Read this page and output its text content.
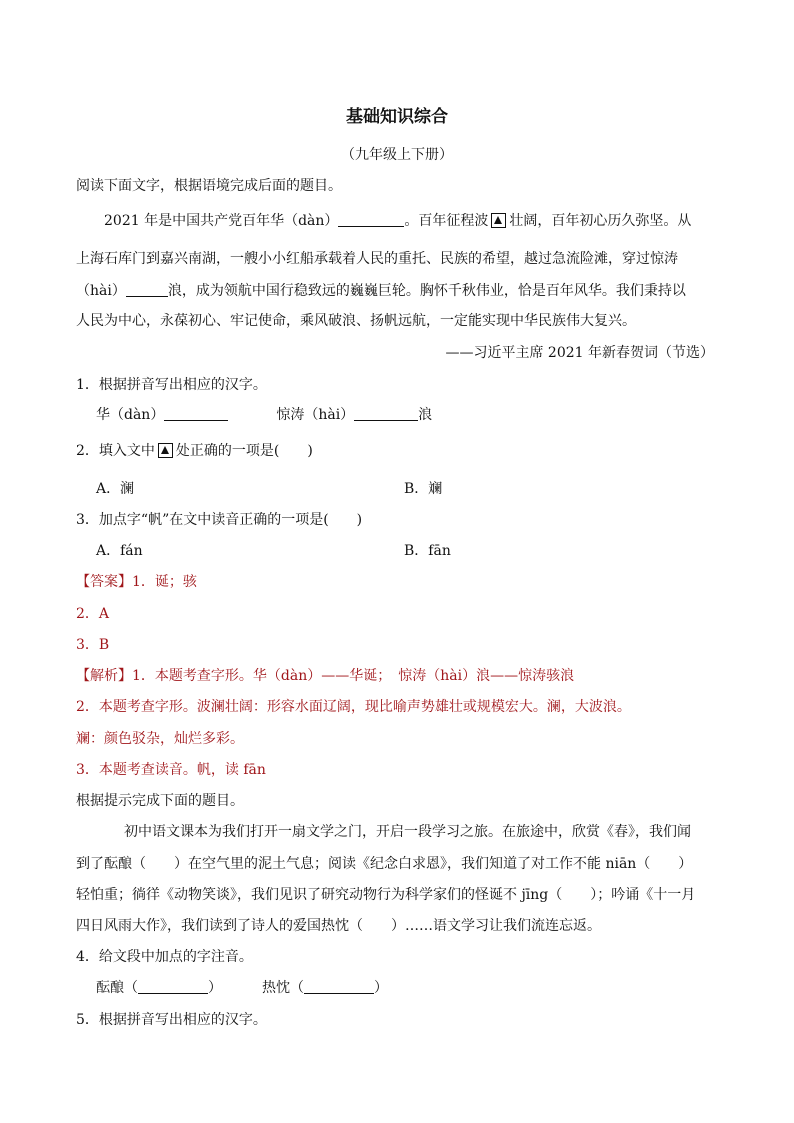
基础知识综合
（九年级上下册）
阅读下面文字，根据语境完成后面的题目。
2021 年是中国共产党百年华（dàn）	。百年征程波 壮阔，百年初心历久弥坚。从
上海石库门到嘉兴南湖，一艘小小红船承载着人民的重托、民族的希望，越过急流险滩，穿过惊涛
（hài）	浪，成为领航中国行稳致远的巍巍巨轮。胸怀千秋伟业，恰是百年风华。我们秉持以
人民为中心，永葆初心、牢记使命，乘风破浪、扬帆远航，一定能实现中华民族伟大复兴。
——习近平主席 2021 年新春贺词（节选）
1．根据拼音写出相应的汉字。
华（dàn）	惊涛（hài）	浪
2．填入文中 处正确的一项是(　　)
A．澜	B．斓
3．加点字“帆”在文中读音正确的一项是(　　)
A．fán	B．fān
【答案】1．诞；骇
2．A
3．B
【解析】1．本题考查字形。华（dàn）——华诞；　惊涛（hài）浪——惊涛骇浪
2．本题考查字形。波澜壮阔：形容水面辽阔，现比喻声势雄壮或规模宏大。澜，大波浪。
斓：颜色驳杂，灿烂多彩。
3．本题考查读音。帆，读 fān
根据提示完成下面的题目。
初中语文课本为我们打开一扇文学之门，开启一段学习之旅。在旅途中，欣赏《春》，我们闻
到了酝酿（　　）在空气里的泥土气息；阅读《纪念白求恩》，我们知道了对工作不能 niān（　　）
轻怕重；徜徉《动物笑谈》，我们见识了研究动物行为科学家们的怪诞不 jīng（　　）；吟诵《十一月
四日风雨大作》，我们读到了诗人的爱国热忱（　　）……语文学习让我们流连忘返。
4．给文段中加点的字注音。
酝酿（	）	热忱（	）
5．根据拼音写出相应的汉字。
